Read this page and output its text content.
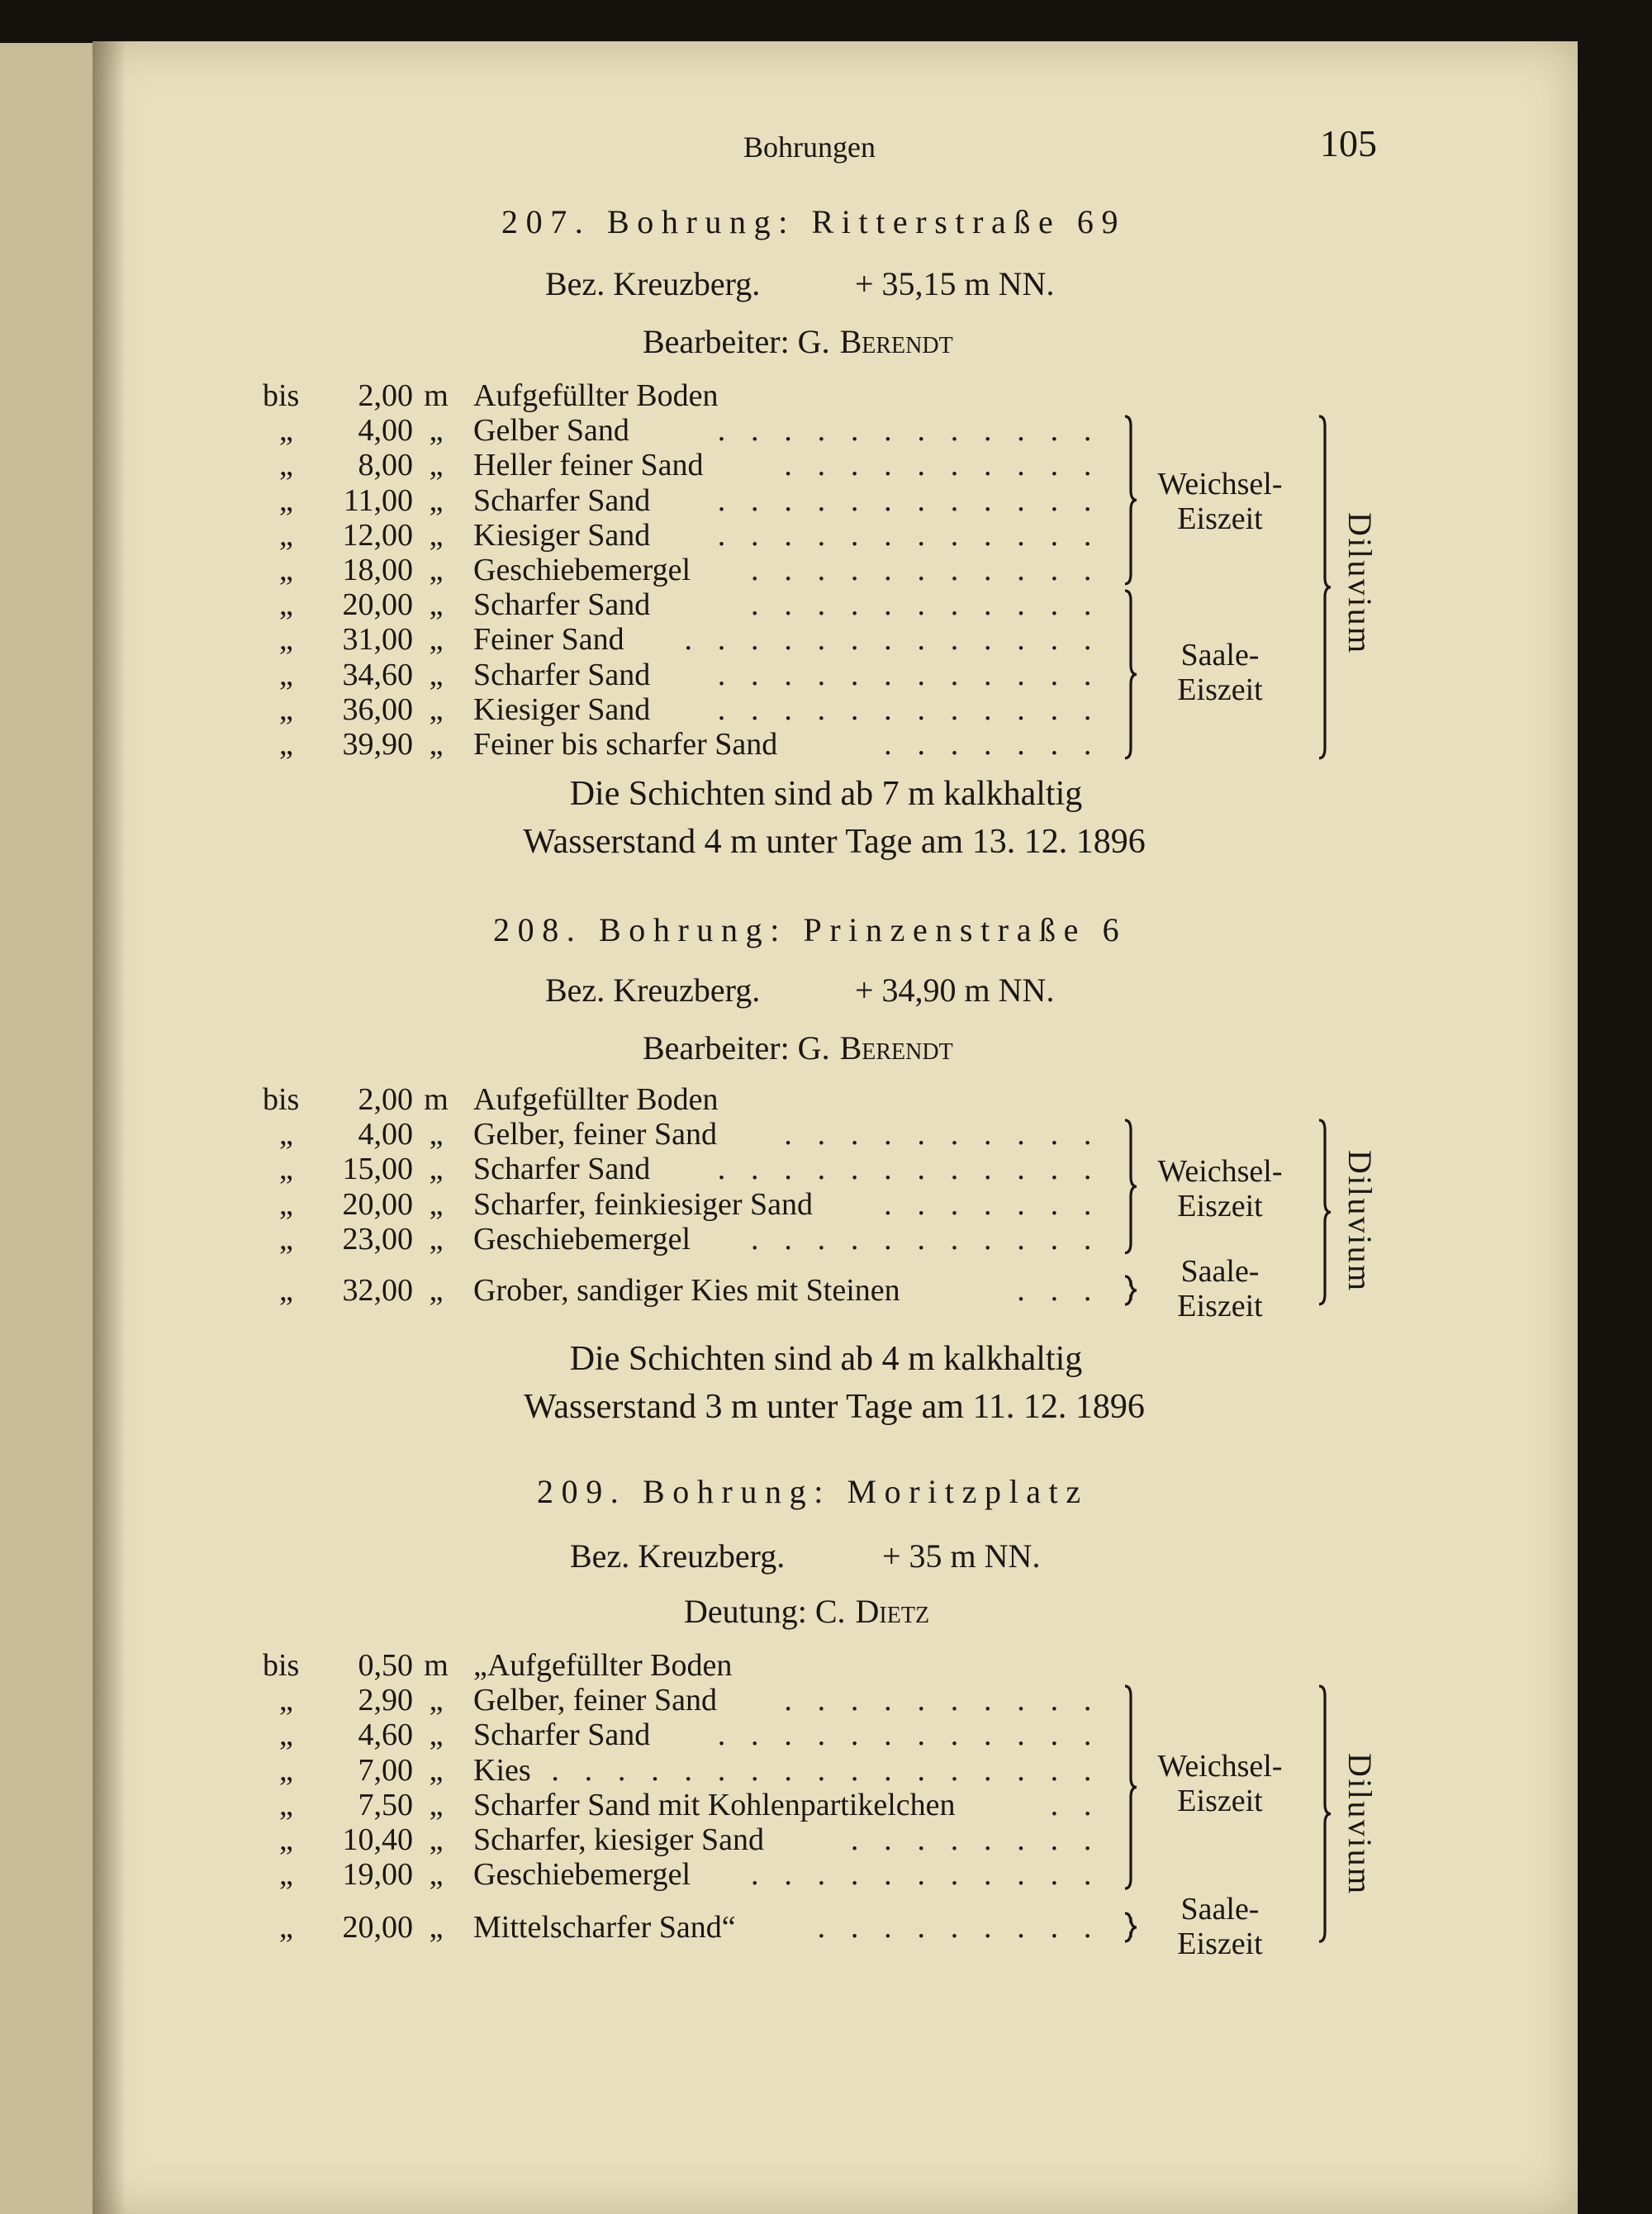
Bohrungen	105
207. Bohrung: Ritterstraße 69
Bez. Kreuzberg.	+ 35,15 m NN.
Bearbeiter: G. Berendt
bis	2,00 m Aufgefüllter Boden
„	4,00 „ Gelber Sand	. . . . . . . . . . . .
„	8,00 „ Heller feiner Sand	. . . . . . . . . .
„	11,00 „ Scharfer Sand	. . . . . . . . . . . .
„	12,00 „ Kiesiger Sand	. . . . . . . . . . . .
„	18,00 „ Geschiebemergel	. . . . . . . . . . .
„	20,00 „ Scharfer Sand	. . . . . . . . . . .
„	31,00 „ Feiner Sand	. . . . . . . . . . . . .
„	34,60 „ Scharfer Sand	. . . . . . . . . . . .
„	36,00 „ Kiesiger Sand	. . . . . . . . . . . .
„	39,90 „ Feiner bis scharfer Sand	. . . . . . .
Weichsel-
Eiszeit
Saale-
Eiszeit
Diluvium
Die Schichten sind ab 7 m kalkhaltig
Wasserstand 4 m unter Tage am 13. 12. 1896
208. Bohrung: Prinzenstraße 6
Bez. Kreuzberg.	+ 34,90 m NN.
Bearbeiter: G. Berendt
bis	2,00 m Aufgefüllter Boden
„	4,00 „ Gelber, feiner Sand	. . . . . . . . . .
„	15,00 „ Scharfer Sand	. . . . . . . . . . . .
„	20,00 „ Scharfer, feinkiesiger Sand	. . . . . . .
„	23,00 „ Geschiebemergel	. . . . . . . . . . .
„	32,00 „ Grober, sandiger Kies mit Steinen	. . .
Weichsel-
Eiszeit
Saale-
Eiszeit
Diluvium
Die Schichten sind ab 4 m kalkhaltig
Wasserstand 3 m unter Tage am 11. 12. 1896
209. Bohrung: Moritzplatz
Bez. Kreuzberg.	+ 35 m NN.
Deutung: C. Dietz
bis	0,50 m „Aufgefüllter Boden
„	2,90 „ Gelber, feiner Sand	. . . . . . . . . .
„	4,60 „ Scharfer Sand	. . . . . . . . . . . .
„	7,00 „ Kies . . . . . . . . . . . . . . . . .
„	7,50 „ Scharfer Sand mit Kohlenpartikelchen	. .
„	10,40 „ Scharfer, kiesiger Sand	. . . . . . . .
„	19,00 „ Geschiebemergel	. . . . . . . . . . .
„	20,00 „ Mittelscharfer Sand“	. . . . . . . . .
Weichsel-
Eiszeit
Saale-
Eiszeit
Diluvium
